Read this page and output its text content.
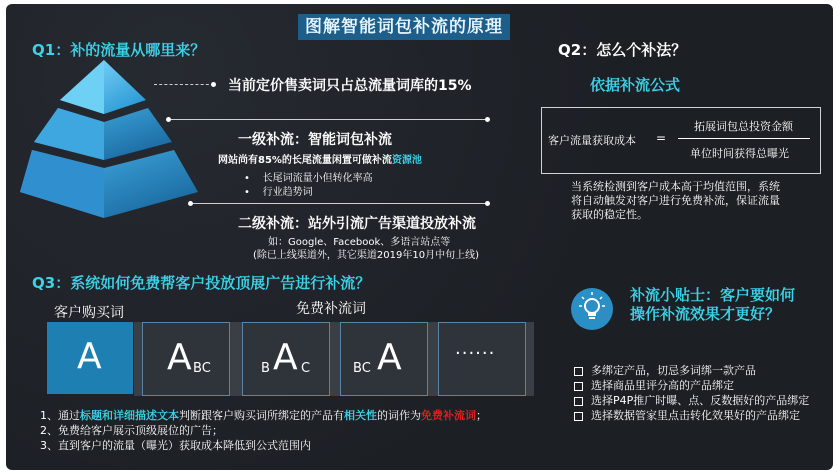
图解智能词包补流的原理
Q1：补的流量从哪里来？
当前定价售卖词只占总流量词库的15%
一级补流：智能词包补流
网站尚有85%的长尾流量闲置可做补流资源池
•    长尾词流量小但转化率高
•    行业趋势词
二级补流：站外引流广告渠道投放补流
如：Google、Facebook、多语言站点等
(除已上线渠道外，其它渠道2019年10月中旬上线)
Q2：怎么个补法？
依据补流公式
客户流量获取成本 =
拓展词包总投资金额
单位时间获得总曝光
当系统检测到客户成本高于均值范围，系统
将自动触发对客户进行免费补流，保证流量
获取的稳定性。
Q3：系统如何免费帮客户投放顶展广告进行补流？
客户购买词	免费补流词
A A BC	B A C	BC A	······
1、通过标题和详细描述文本判断跟客户购买词所绑定的产品有相关性的词作为免费补流词；
2、免费给客户展示顶级展位的广告；
3、直到客户的流量（曝光）获取成本降低到公式范围内
补流小贴士：客户要如何
操作补流效果才更好？
多绑定产品，切忌多词绑一款产品
选择商品里评分高的产品绑定
选择P4P推广时曝、点、反数据好的产品绑定
选择数据管家里点击转化效果好的产品绑定
